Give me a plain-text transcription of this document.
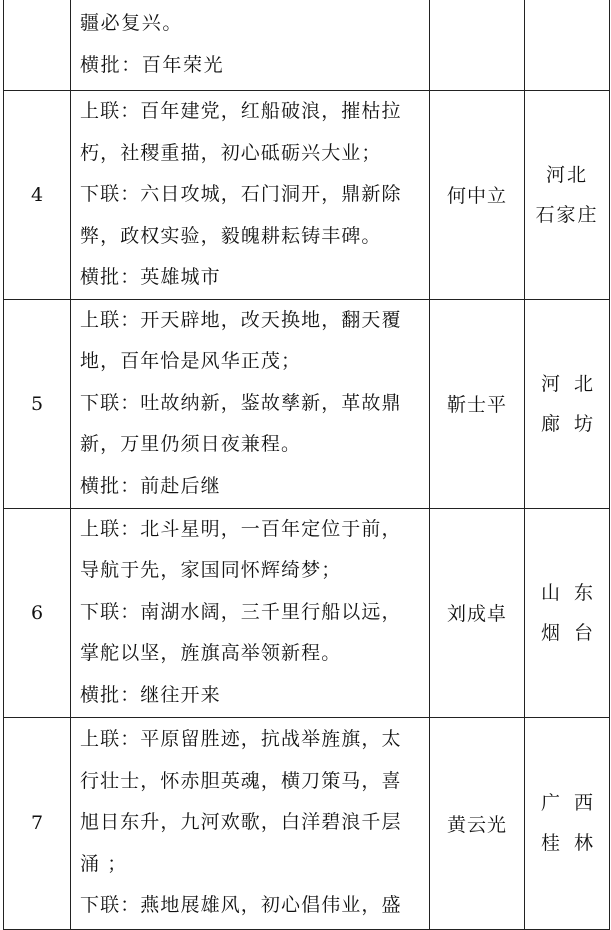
	疆必复兴。
横批：百年荣光		

4	上联：百年建党，红船破浪，摧枯拉
朽，社稷重描，初心砥砺兴大业；
下联：六日攻城，石门洞开，鼎新除
弊，政权实验，毅魄耕耘铸丰碑。
横批：英雄城市	何中立	河北
石家庄

5	上联：开天辟地，改天换地，翻天覆
地，百年恰是风华正茂；
下联：吐故纳新，鉴故孳新，革故鼎
新，万里仍须日夜兼程。
横批：前赴后继	靳士平	河北
廊坊

6	上联：北斗星明，一百年定位于前，
导航于先，家国同怀辉绮梦；
下联：南湖水阔，三千里行船以远，
掌舵以坚，旌旗高举领新程。
横批：继往开来	刘成卓	山东
烟台

7	上联：平原留胜迹，抗战举旌旗，太
行壮士，怀赤胆英魂，横刀策马，喜
旭日东升，九河欢歌，白洋碧浪千层
涌 ；
下联：燕地展雄风，初心倡伟业，盛	黄云光	广西
桂林
